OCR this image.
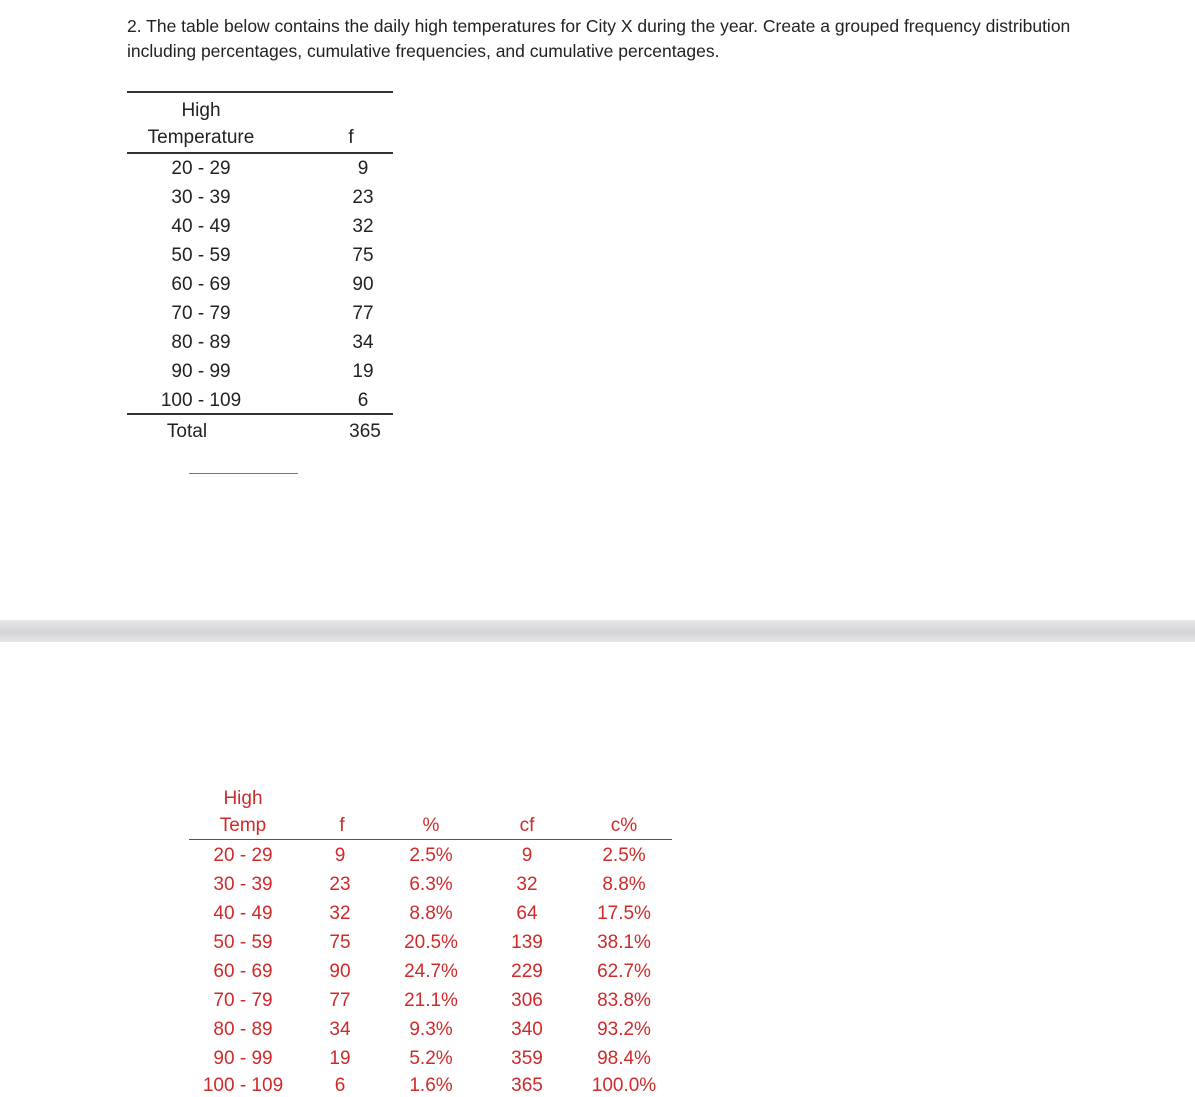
2. The table below contains the daily high temperatures for City X during the year. Create a grouped frequency distribution including percentages, cumulative frequencies, and cumulative percentages.
High
Temperature	f
20 - 29	9
30 - 39	23
40 - 49	32
50 - 59	75
60 - 69	90
70 - 79	77
80 - 89	34
90 - 99	19
100 - 109	6
Total	365
High
Temp	f	%	cf	c%
20 - 29	9	2.5%	9	2.5%
30 - 39	23	6.3%	32	8.8%
40 - 49	32	8.8%	64	17.5%
50 - 59	75	20.5%	139	38.1%
60 - 69	90	24.7%	229	62.7%
70 - 79	77	21.1%	306	83.8%
80 - 89	34	9.3%	340	93.2%
90 - 99	19	5.2%	359	98.4%
100 - 109	6	1.6%	365	100.0%
